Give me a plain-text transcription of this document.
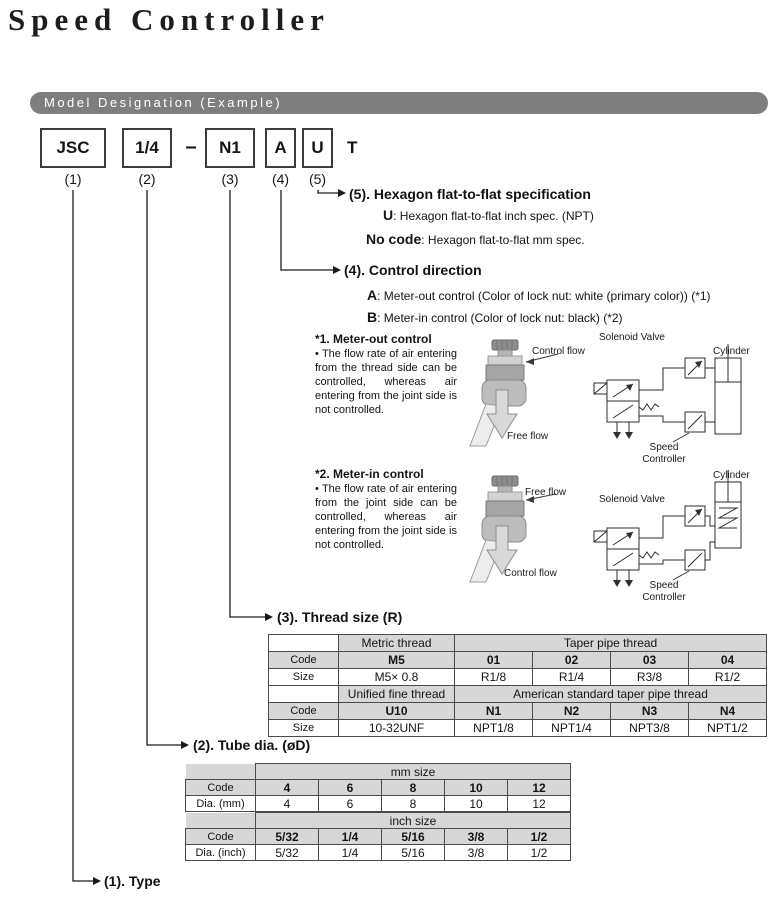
Speed Controller
Model Designation (Example)
JSC
(1)
1/4
(2)
–	N1
(3)
A
(4)
U
(5)
T
(5). Hexagon flat-to-flat specification
U: Hexagon flat-to-flat inch spec. (NPT)
No code: Hexagon flat-to-flat mm spec.
(4). Control direction
A: Meter-out control (Color of lock nut: white (primary color)) (*1)
B: Meter-in control (Color of lock nut: black) (*2)
*1. Meter-out control
• The flow rate of air entering from the thread side can be controlled, whereas air entering from the joint side is not controlled.
Control flow
Free flow
Solenoid Valve
Cylinder
Speed Controller
*2. Meter-in control
• The flow rate of air entering from the joint side can be controlled, whereas air entering from the joint side is not controlled.
Free flow
Control flow
Cylinder
Solenoid Valve
Speed Controller
(3). Thread size (R)
	Metric thread	Taper pipe thread			
Code	M5	01	02	03	04
Size	M5× 0.8	R1/8	R1/4	R3/8	R1/2
	Unified fine thread	American standard taper pipe thread			
Code	U10	N1	N2	N3	N4
Size	10-32UNF	NPT1/8	NPT1/4	NPT3/8	NPT1/2
(2). Tube dia. (øD)
	mm size				
Code	4	6	8	10	12
Dia. (mm)	4	6	8	10	12
	inch size				
Code	5/32	1/4	5/16	3/8	1/2
Dia. (inch)	5/32	1/4	5/16	3/8	1/2
(1). Type
